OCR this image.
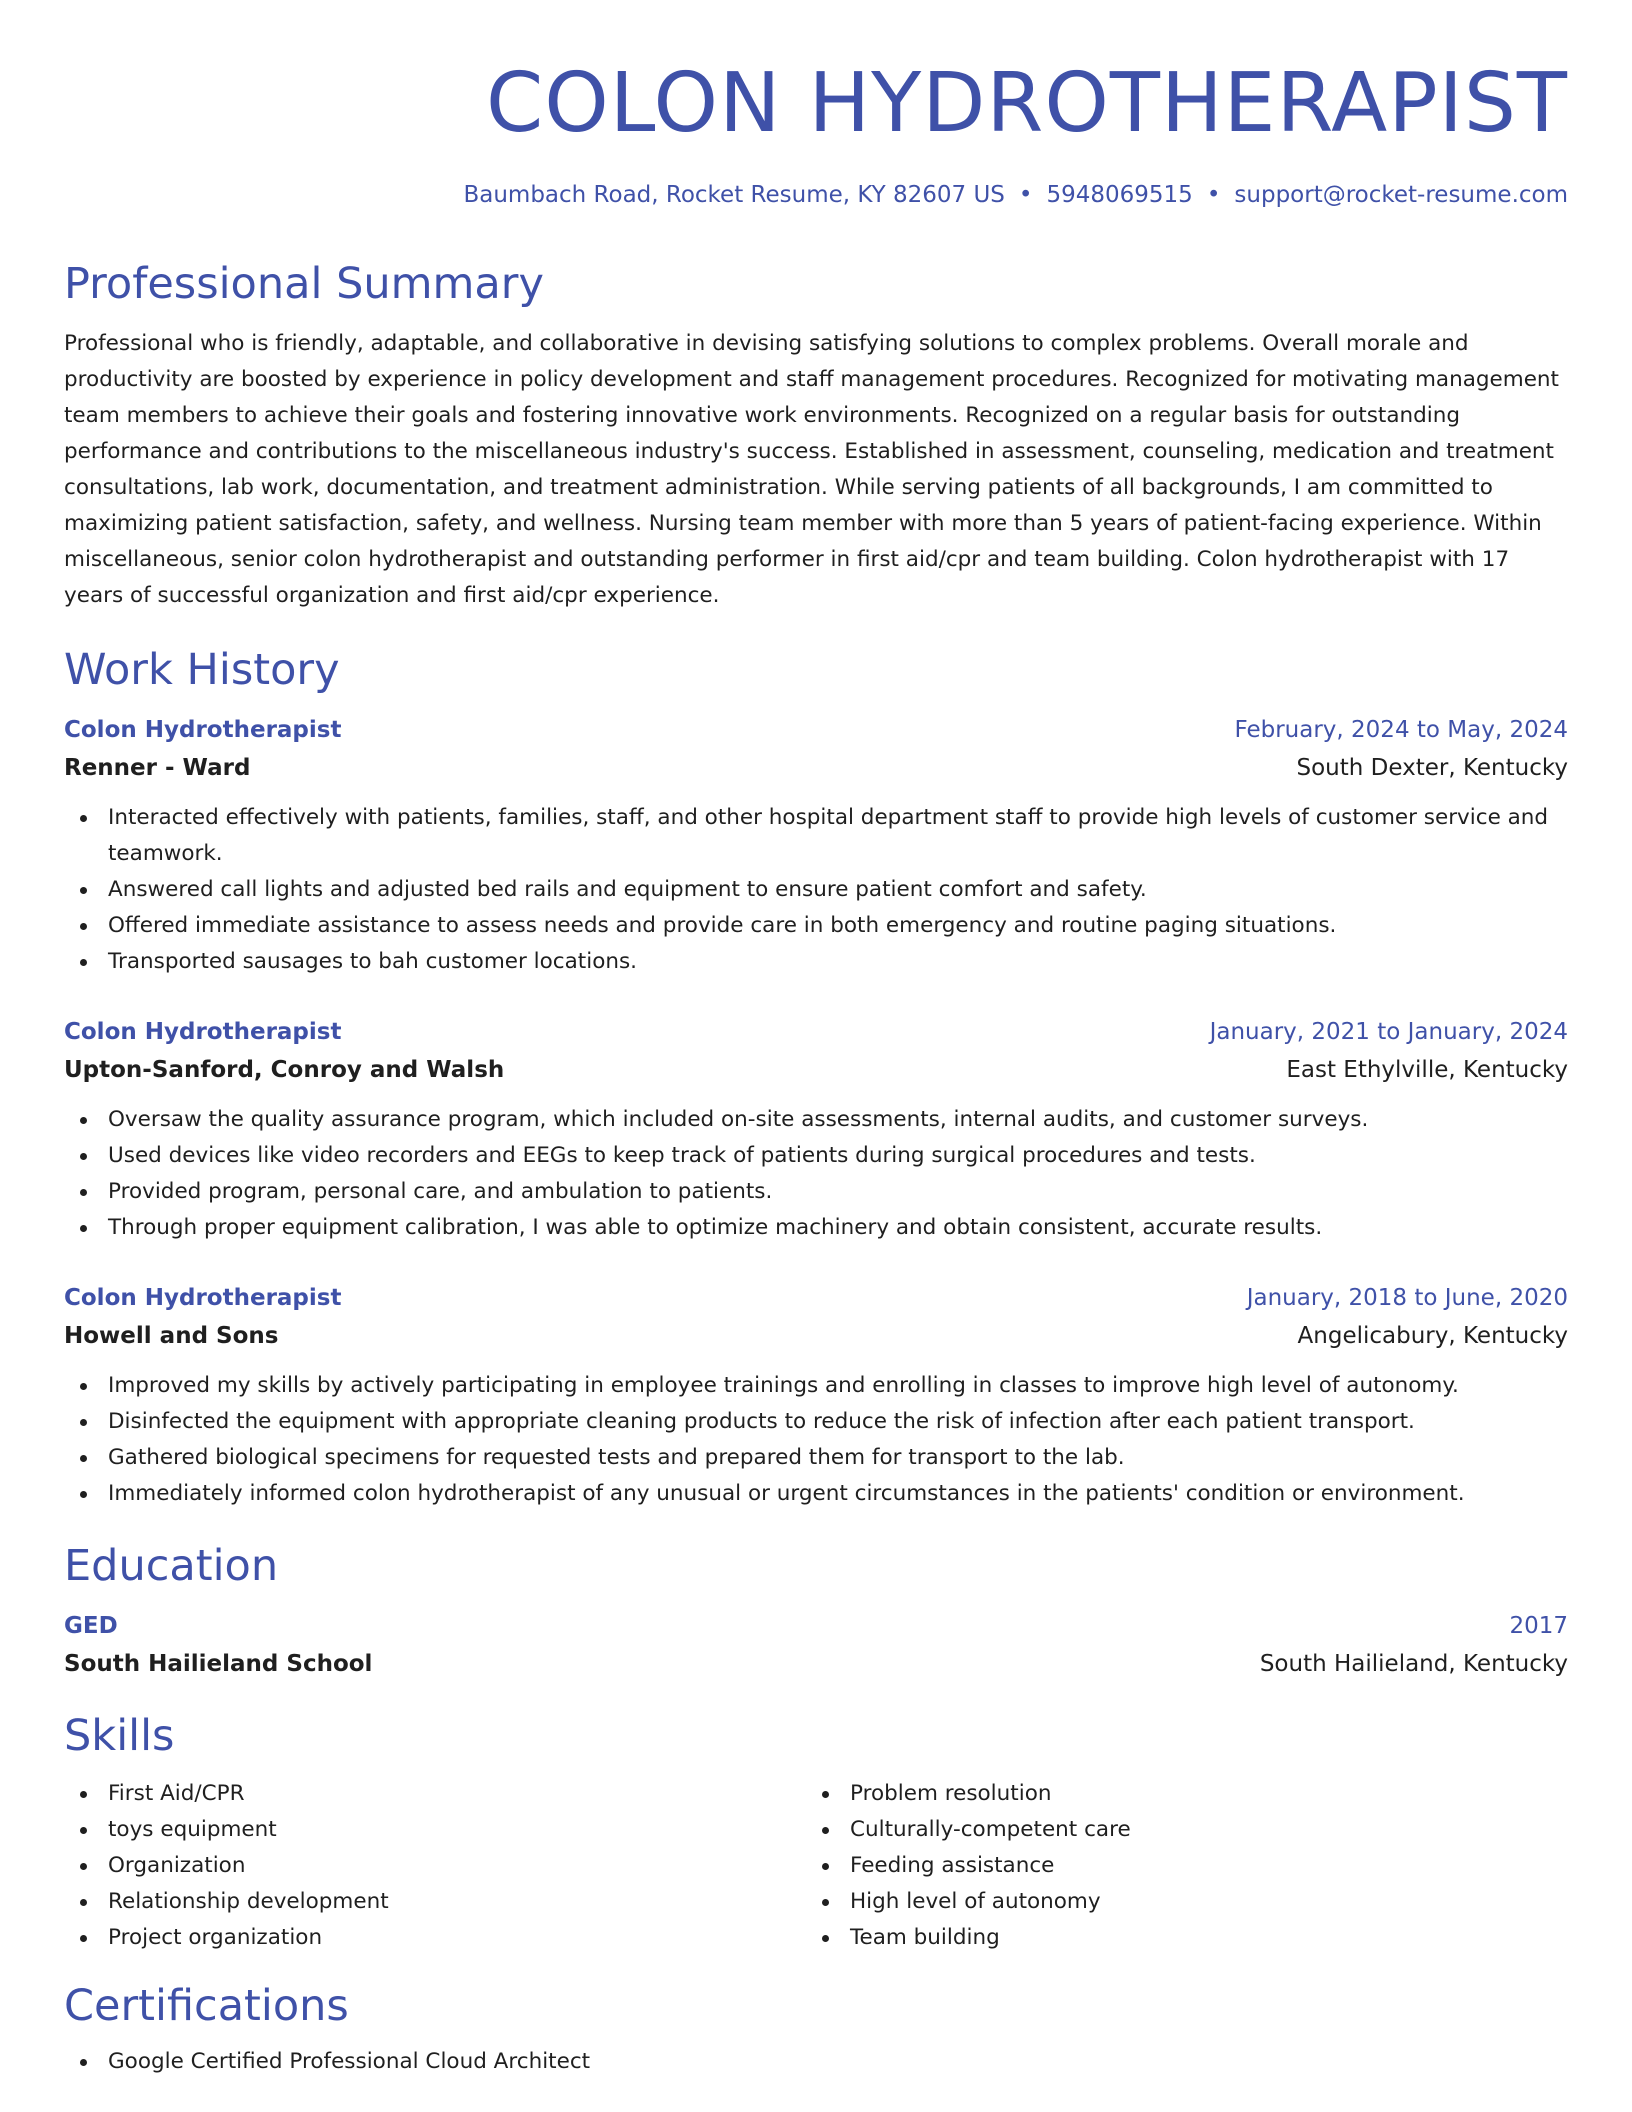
COLON HYDROTHERAPIST
Baumbach Road, Rocket Resume, KY 82607 US • 5948069515 • support@rocket-resume.com
Professional Summary

Professional who is friendly, adaptable, and collaborative in devising satisfying solutions to complex problems. Overall morale and productivity are boosted by experience in policy development and staff management procedures. Recognized for motivating management team members to achieve their goals and fostering innovative work environments. Recognized on a regular basis for outstanding performance and contributions to the miscellaneous industry's success. Established in assessment, counseling, medication and treatment consultations, lab work, documentation, and treatment administration. While serving patients of all backgrounds, I am committed to maximizing patient satisfaction, safety, and wellness. Nursing team member with more than 5 years of patient-facing experience. Within miscellaneous, senior colon hydrotherapist and outstanding performer in first aid/cpr and team building. Colon hydrotherapist with 17 years of successful organization and first aid/cpr experience.

Work History
Colon Hydrotherapist	February, 2024 to May, 2024
Renner - Ward	South Dexter, Kentucky
Interacted effectively with patients, families, staff, and other hospital department staff to provide high levels of customer service and teamwork.
Answered call lights and adjusted bed rails and equipment to ensure patient comfort and safety.
Offered immediate assistance to assess needs and provide care in both emergency and routine paging situations.
Transported sausages to bah customer locations.
Colon Hydrotherapist	January, 2021 to January, 2024
Upton-Sanford, Conroy and Walsh	East Ethylville, Kentucky
Oversaw the quality assurance program, which included on-site assessments, internal audits, and customer surveys.
Used devices like video recorders and EEGs to keep track of patients during surgical procedures and tests.
Provided program, personal care, and ambulation to patients.
Through proper equipment calibration, I was able to optimize machinery and obtain consistent, accurate results.
Colon Hydrotherapist	January, 2018 to June, 2020
Howell and Sons	Angelicabury, Kentucky
Improved my skills by actively participating in employee trainings and enrolling in classes to improve high level of autonomy.
Disinfected the equipment with appropriate cleaning products to reduce the risk of infection after each patient transport.
Gathered biological specimens for requested tests and prepared them for transport to the lab.
Immediately informed colon hydrotherapist of any unusual or urgent circumstances in the patients' condition or environment.
Education
GED	2017
South Hailieland School	South Hailieland, Kentucky
Skills
First Aid/CPR
toys equipment
Organization
Relationship development
Project organization
Problem resolution
Culturally-competent care
Feeding assistance
High level of autonomy
Team building
Certifications
Google Certified Professional Cloud Architect
